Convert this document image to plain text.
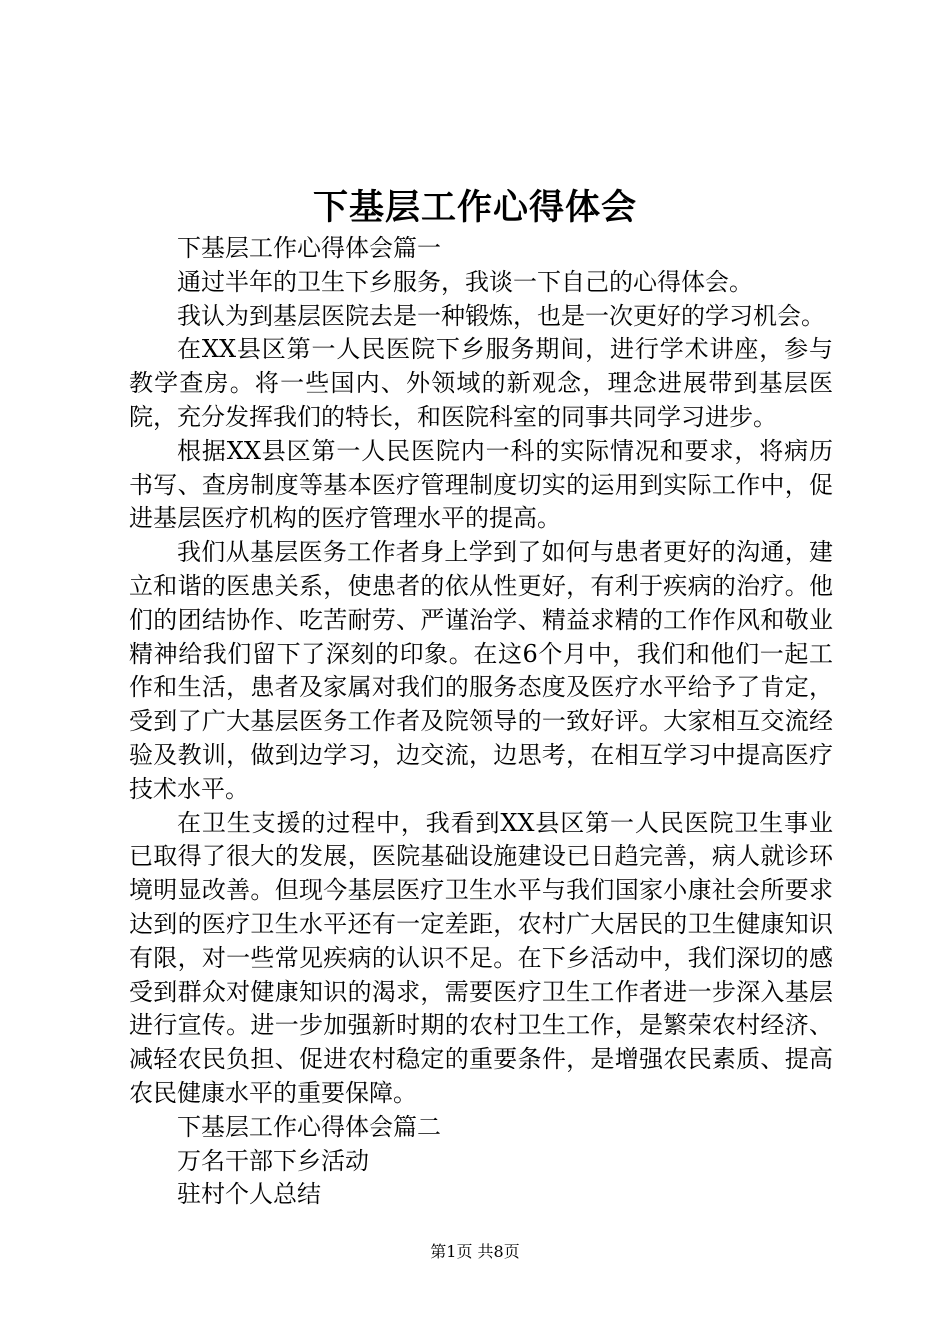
下基层工作心得体会

下基层工作心得体会篇一

通过半年的卫生下乡服务，我谈一下自己的心得体会。

我认为到基层医院去是一种锻炼，也是一次更好的学习机会。

在XX县区第一人民医院下乡服务期间，进行学术讲座，参与教学查房。将一些国内、外领域的新观念，理念进展带到基层医院，充分发挥我们的特长，和医院科室的同事共同学习进步。

根据XX县区第一人民医院内一科的实际情况和要求，将病历书写、查房制度等基本医疗管理制度切实的运用到实际工作中，促进基层医疗机构的医疗管理水平的提高。

我们从基层医务工作者身上学到了如何与患者更好的沟通，建立和谐的医患关系，使患者的依从性更好，有利于疾病的治疗。他们的团结协作、吃苦耐劳、严谨治学、精益求精的工作作风和敬业精神给我们留下了深刻的印象。在这6个月中，我们和他们一起工作和生活，患者及家属对我们的服务态度及医疗水平给予了肯定，受到了广大基层医务工作者及院领导的一致好评。大家相互交流经验及教训，做到边学习，边交流，边思考，在相互学习中提高医疗技术水平。

在卫生支援的过程中，我看到XX县区第一人民医院卫生事业已取得了很大的发展，医院基础设施建设已日趋完善，病人就诊环境明显改善。但现今基层医疗卫生水平与我们国家小康社会所要求达到的医疗卫生水平还有一定差距，农村广大居民的卫生健康知识有限，对一些常见疾病的认识不足。在下乡活动中，我们深切的感受到群众对健康知识的渴求，需要医疗卫生工作者进一步深入基层进行宣传。进一步加强新时期的农村卫生工作，是繁荣农村经济、减轻农民负担、促进农村稳定的重要条件，是增强农民素质、提高农民健康水平的重要保障。

下基层工作心得体会篇二

万名干部下乡活动

驻村个人总结

第1页 共8页
